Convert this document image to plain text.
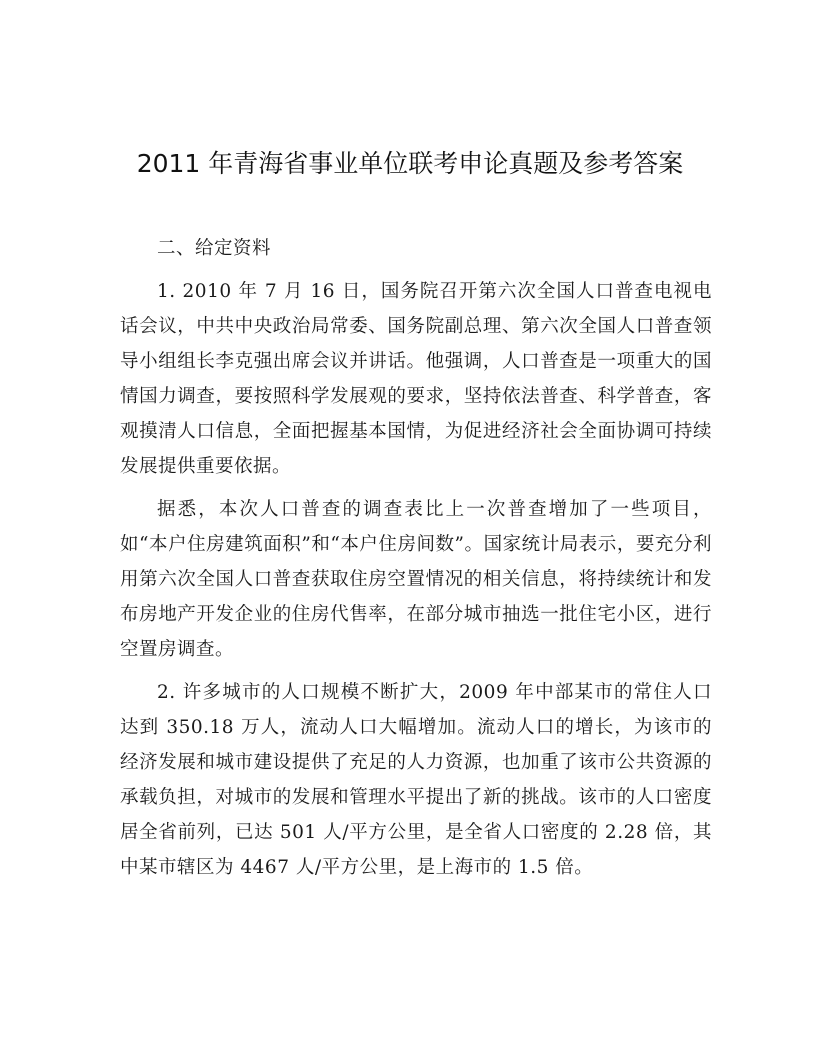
2011 年青海省事业单位联考申论真题及参考答案

二、给定资料

1. 2010 年 7 月 16 日，国务院召开第六次全国人口普查电视电话会议，中共中央政治局常委、国务院副总理、第六次全国人口普查领导小组组长李克强出席会议并讲话。他强调，人口普查是一项重大的国情国力调查，要按照科学发展观的要求，坚持依法普查、科学普查，客观摸清人口信息，全面把握基本国情，为促进经济社会全面协调可持续发展提供重要依据。

据悉，本次人口普查的调查表比上一次普查增加了一些项目，如“本户住房建筑面积”和“本户住房间数”。国家统计局表示，要充分利用第六次全国人口普查获取住房空置情况的相关信息，将持续统计和发布房地产开发企业的住房代售率，在部分城市抽选一批住宅小区，进行空置房调查。

2. 许多城市的人口规模不断扩大，2009 年中部某市的常住人口达到 350.18 万人，流动人口大幅增加。流动人口的增长，为该市的经济发展和城市建设提供了充足的人力资源，也加重了该市公共资源的承载负担，对城市的发展和管理水平提出了新的挑战。该市的人口密度居全省前列，已达 501 人/平方公里，是全省人口密度的 2.28 倍，其中某市辖区为 4467 人/平方公里，是上海市的 1.5 倍。
